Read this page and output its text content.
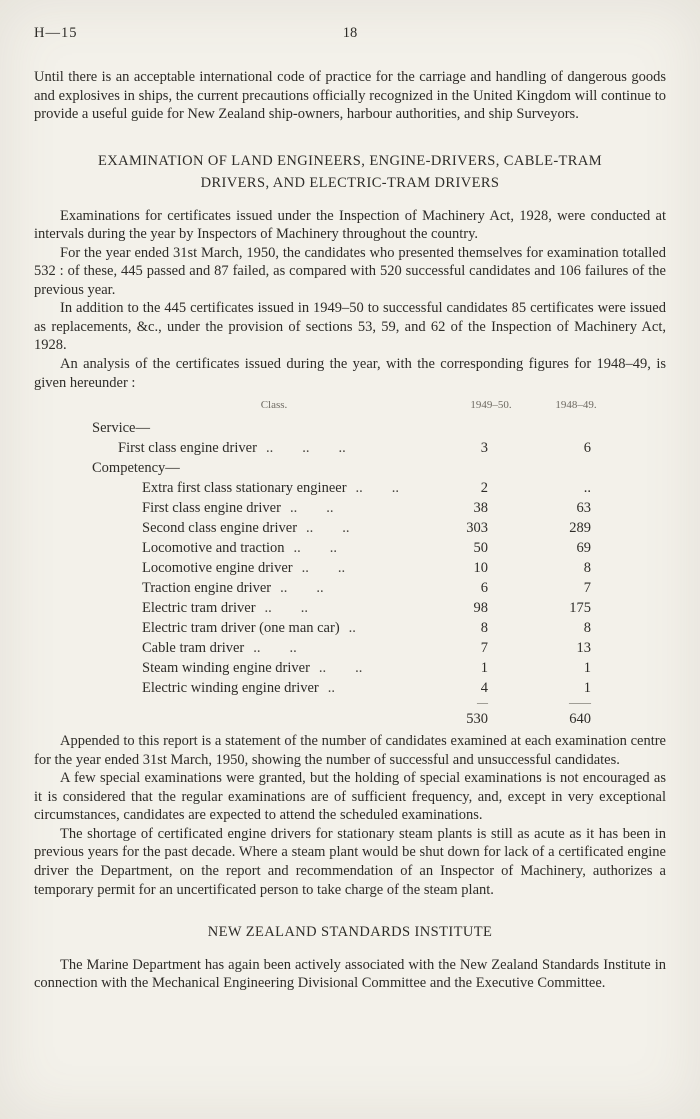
H—15	18

Until there is an acceptable international code of practice for the carriage and handling of dangerous goods and explosives in ships, the current precautions officially recognized in the United Kingdom will continue to provide a useful guide for New Zealand ship-owners, harbour authorities, and ship Surveyors.

EXAMINATION OF LAND ENGINEERS, ENGINE-DRIVERS, CABLE-TRAM DRIVERS, AND ELECTRIC-TRAM DRIVERS

Examinations for certificates issued under the Inspection of Machinery Act, 1928, were conducted at intervals during the year by Inspectors of Machinery throughout the country.

For the year ended 31st March, 1950, the candidates who presented themselves for examination totalled 532 : of these, 445 passed and 87 failed, as compared with 520 successful candidates and 106 failures of the previous year.

In addition to the 445 certificates issued in 1949–50 to successful candidates 85 certificates were issued as replacements, &c., under the provision of sections 53, 59, and 62 of the Inspection of Machinery Act, 1928.

An analysis of the certificates issued during the year, with the corresponding figures for 1948–49, is given hereunder :

Class.	1949–50.	1948–49.
Service—
First class engine driver ..        ..        ..	3	6
Competency—
Extra first class stationary engineer ..        ..	2	..
First class engine driver ..        ..	38	63
Second class engine driver ..        ..	303	289
Locomotive and traction ..        ..	50	69
Locomotive engine driver ..        ..	10	8
Traction engine driver ..        ..	6	7
Electric tram driver ..        ..	98	175
Electric tram driver (one man car) ..	8	8
Cable tram driver ..        ..	7	13
Steam winding engine driver ..        ..	1	1
Electric winding engine driver ..	4	1
—	——
530	640

Appended to this report is a statement of the number of candidates examined at each examination centre for the year ended 31st March, 1950, showing the number of successful and unsuccessful candidates.

A few special examinations were granted, but the holding of special examinations is not encouraged as it is considered that the regular examinations are of sufficient frequency, and, except in very exceptional circumstances, candidates are expected to attend the scheduled examinations.

The shortage of certificated engine drivers for stationary steam plants is still as acute as it has been in previous years for the past decade. Where a steam plant would be shut down for lack of a certificated engine driver the Department, on the report and recommendation of an Inspector of Machinery, authorizes a temporary permit for an uncertificated person to take charge of the steam plant.

NEW ZEALAND STANDARDS INSTITUTE

The Marine Department has again been actively associated with the New Zealand Standards Institute in connection with the Mechanical Engineering Divisional Committee and the Executive Committee.
